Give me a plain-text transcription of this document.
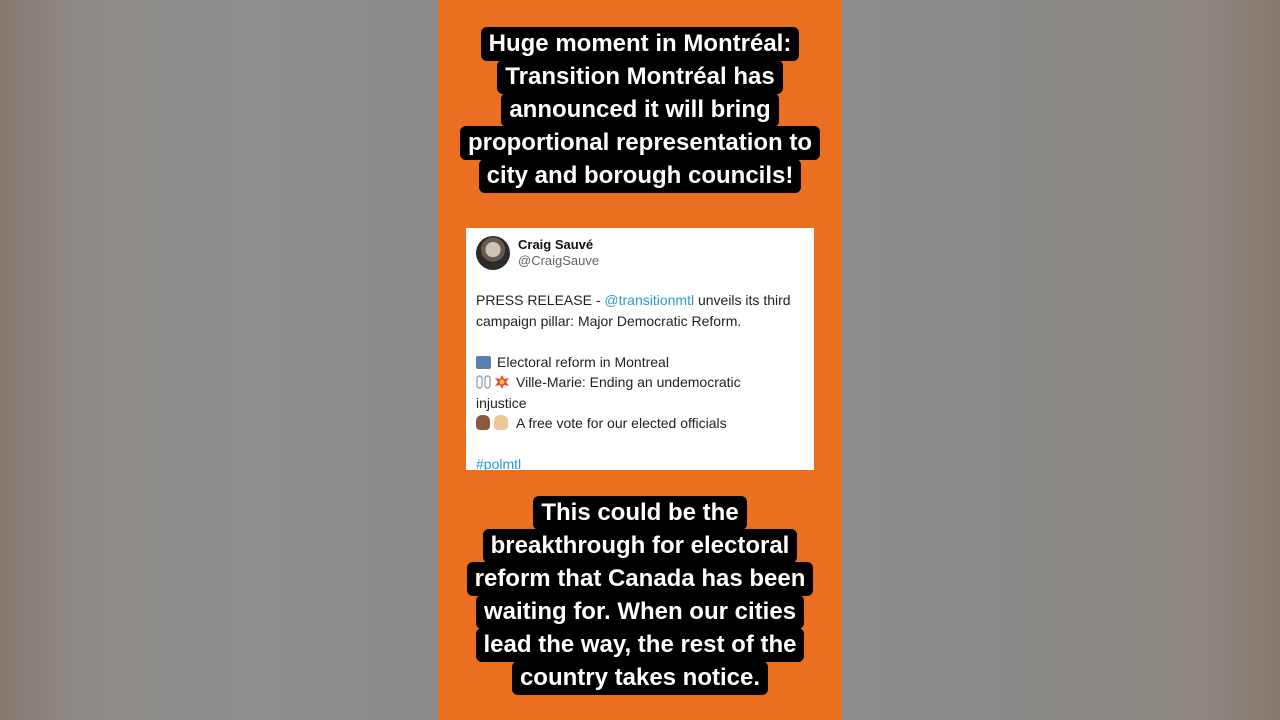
Huge moment in Montréal:
Transition Montréal has
announced it will bring
proportional representation to
city and borough councils!
Craig Sauvé
@CraigSauve
PRESS RELEASE - @transitionmtl unveils its third
campaign pillar: Major Democratic Reform.
Electoral reform in Montreal
Ville-Marie: Ending an undemocratic
injustice
A free vote for our elected officials
#polmtl
This could be the
breakthrough for electoral
reform that Canada has been
waiting for. When our cities
lead the way, the rest of the
country takes notice.
